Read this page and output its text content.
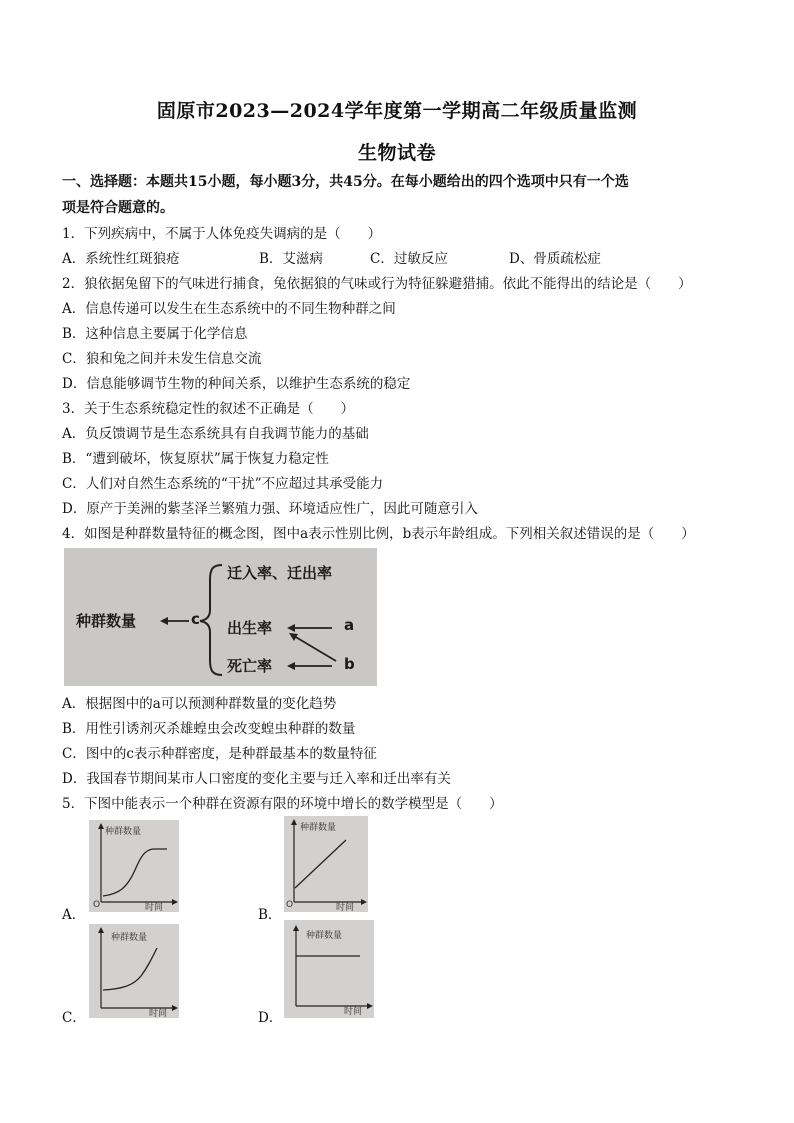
固原市2023—2024学年度第一学期高二年级质量监测
生物试卷
一、选择题：本题共15小题，每小题3分，共45分。在每小题给出的四个选项中只有一个选
项是符合题意的。
1．下列疾病中，不属于人体免疫失调病的是（　　）
A．系统性红斑狼疮	B．艾滋病	C．过敏反应	D、骨质疏松症
2．狼依据兔留下的气味进行捕食，兔依据狼的气味或行为特征躲避猎捕。依此不能得出的结论是（　　）
A．信息传递可以发生在生态系统中的不同生物种群之间
B．这种信息主要属于化学信息
C．狼和兔之间并未发生信息交流
D．信息能够调节生物的种间关系，以维护生态系统的稳定
3．关于生态系统稳定性的叙述不正确是（　　）
A．负反馈调节是生态系统具有自我调节能力的基础
B．“遭到破坏，恢复原状”属于恢复力稳定性
C．人们对自然生态系统的“干扰”不应超过其承受能力
D．原产于美洲的紫茎泽兰繁殖力强、环境适应性广，因此可随意引入
4．如图是种群数量特征的概念图，图中a表示性别比例，b表示年龄组成。下列相关叙述错误的是（　　）
迁入率、迁出率
种群数量	c 出生率
死亡率
a
b
A．根据图中的a可以预测种群数量的变化趋势
B．用性引诱剂灭杀雄蝗虫会改变蝗虫种群的数量
C．图中的c表示种群密度，是种群最基本的数量特征
D．我国春节期间某市人口密度的变化主要与迁入率和迁出率有关
5．下图中能表示一个种群在资源有限的环境中增长的数学模型是（　　）
A．
种群数量
时间
O
B．
种群数量
时间
O
C．
种群数量
时间	D．
种群数量
时间
